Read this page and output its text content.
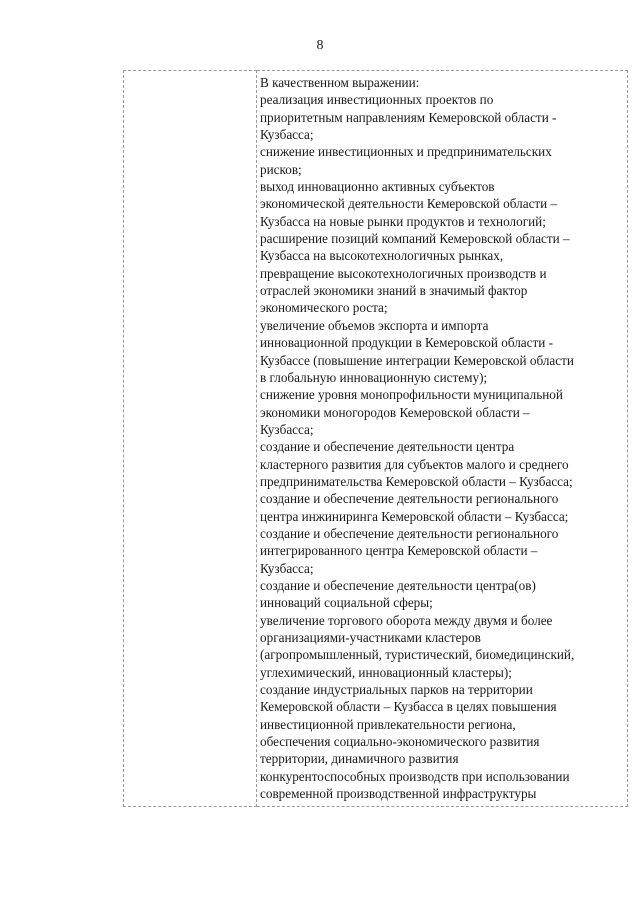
8

В качественном выражении:
реализация инвестиционных проектов по
приоритетным направлениям Кемеровской области -
Кузбасса;
снижение инвестиционных и предпринимательских
рисков;
выход инновационно активных субъектов
экономической деятельности Кемеровской области –
Кузбасса на новые рынки продуктов и технологий;
расширение позиций компаний Кемеровской области –
Кузбасса на высокотехнологичных рынках,
превращение высокотехнологичных производств и
отраслей экономики знаний в значимый фактор
экономического роста;
увеличение объемов экспорта и импорта
инновационной продукции в Кемеровской области -
Кузбассе (повышение интеграции Кемеровской области
в глобальную инновационную систему);
снижение уровня монопрофильности муниципальной
экономики моногородов Кемеровской области –
Кузбасса;
создание и обеспечение деятельности центра
кластерного развития для субъектов малого и среднего
предпринимательства Кемеровской области – Кузбасса;
создание и обеспечение деятельности регионального
центра инжиниринга Кемеровской области – Кузбасса;
создание и обеспечение деятельности регионального
интегрированного центра Кемеровской области –
Кузбасса;
создание и обеспечение деятельности центра(ов)
инноваций социальной сферы;
увеличение торгового оборота между двумя и более
организациями-участниками кластеров
(агропромышленный, туристический, биомедицинский,
углехимический, инновационный кластеры);
создание индустриальных парков на территории
Кемеровской области – Кузбасса в целях повышения
инвестиционной привлекательности региона,
обеспечения социально-экономического развития
территории, динамичного развития
конкурентоспособных производств при использовании
современной производственной инфраструктуры
